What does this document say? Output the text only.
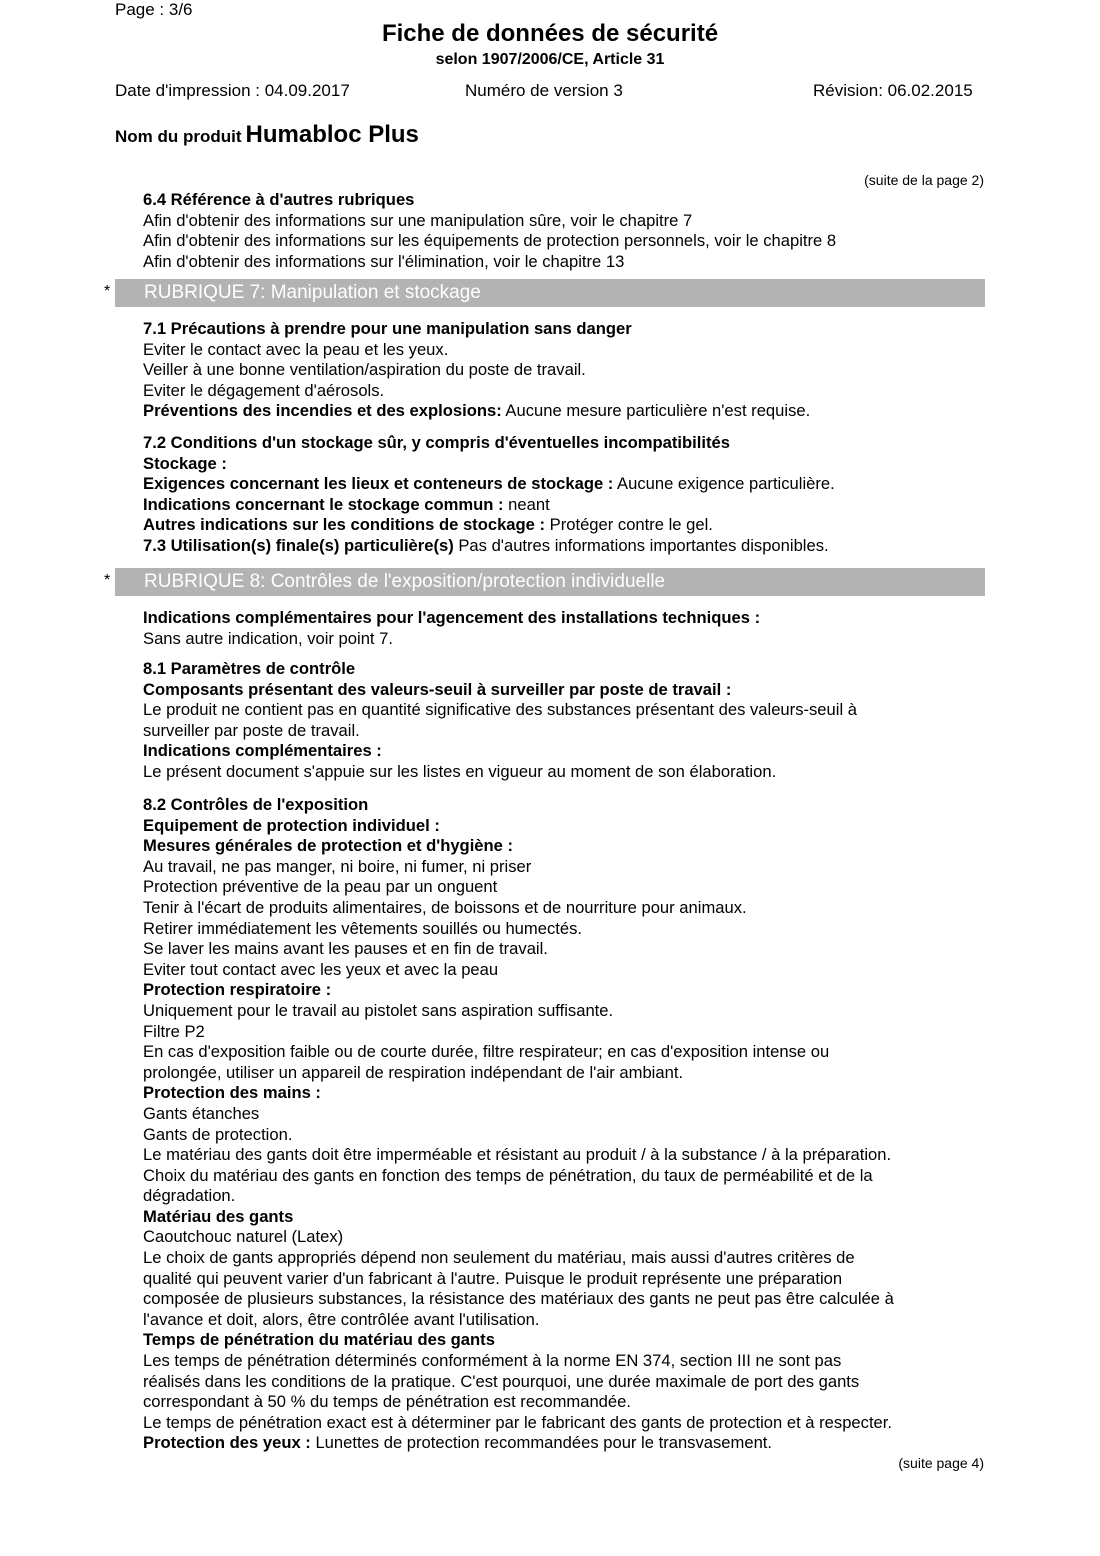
Page : 3/6
Fiche de données de sécurité
selon 1907/2006/CE, Article 31
Date d'impression : 04.09.2017	Numéro de version 3	Révision: 06.02.2015
Nom du produit Humabloc Plus
(suite de la page 2)

6.4 Référence à d'autres rubriques

Afin d'obtenir des informations sur une manipulation sûre, voir le chapitre 7

Afin d'obtenir des informations sur les équipements de protection personnels, voir le chapitre 8

Afin d'obtenir des informations sur l'élimination, voir le chapitre 13

*	RUBRIQUE 7: Manipulation et stockage

7.1 Précautions à prendre pour une manipulation sans danger

Eviter le contact avec la peau et les yeux.

Veiller à une bonne ventilation/aspiration du poste de travail.

Eviter le dégagement d'aérosols.

Préventions des incendies et des explosions: Aucune mesure particulière n'est requise.

7.2 Conditions d'un stockage sûr, y compris d'éventuelles incompatibilités

Stockage :

Exigences concernant les lieux et conteneurs de stockage : Aucune exigence particulière.

Indications concernant le stockage commun : neant

Autres indications sur les conditions de stockage : Protéger contre le gel.

7.3 Utilisation(s) finale(s) particulière(s) Pas d'autres informations importantes disponibles.

*	RUBRIQUE 8: Contrôles de l'exposition/protection individuelle

Indications complémentaires pour l'agencement des installations techniques :

Sans autre indication, voir point 7.

8.1 Paramètres de contrôle

Composants présentant des valeurs-seuil à surveiller par poste de travail :

Le produit ne contient pas en quantité significative des substances présentant des valeurs-seuil à

surveiller par poste de travail.

Indications complémentaires :

Le présent document s'appuie sur les listes en vigueur au moment de son élaboration.

8.2 Contrôles de l'exposition

Equipement de protection individuel :

Mesures générales de protection et d'hygiène :

Au travail, ne pas manger, ni boire, ni fumer, ni priser

Protection préventive de la peau par un onguent

Tenir à l'écart de produits alimentaires, de boissons et de nourriture pour animaux.

Retirer immédiatement les vêtements souillés ou humectés.

Se laver les mains avant les pauses et en fin de travail.

Eviter tout contact avec les yeux et avec la peau

Protection respiratoire :

Uniquement pour le travail au pistolet sans aspiration suffisante.

Filtre P2

En cas d'exposition faible ou de courte durée, filtre respirateur; en cas d'exposition intense ou

prolongée, utiliser un appareil de respiration indépendant de l'air ambiant.

Protection des mains :

Gants étanches

Gants de protection.

Le matériau des gants doit être imperméable et résistant au produit / à la substance / à la préparation.

Choix du matériau des gants en fonction des temps de pénétration, du taux de perméabilité et de la

dégradation.

Matériau des gants

Caoutchouc naturel (Latex)

Le choix de gants appropriés dépend non seulement du matériau, mais aussi d'autres critères de

qualité qui peuvent varier d'un fabricant à l'autre. Puisque le produit représente une préparation

composée de plusieurs substances, la résistance des matériaux des gants ne peut pas être calculée à

l'avance et doit, alors, être contrôlée avant l'utilisation.

Temps de pénétration du matériau des gants

Les temps de pénétration déterminés conformément à la norme EN 374, section III ne sont pas

réalisés dans les conditions de la pratique. C'est pourquoi, une durée maximale de port des gants

correspondant à 50 % du temps de pénétration est recommandée.

Le temps de pénétration exact est à déterminer par le fabricant des gants de protection et à respecter.

Protection des yeux : Lunettes de protection recommandées pour le transvasement.

(suite page 4)
